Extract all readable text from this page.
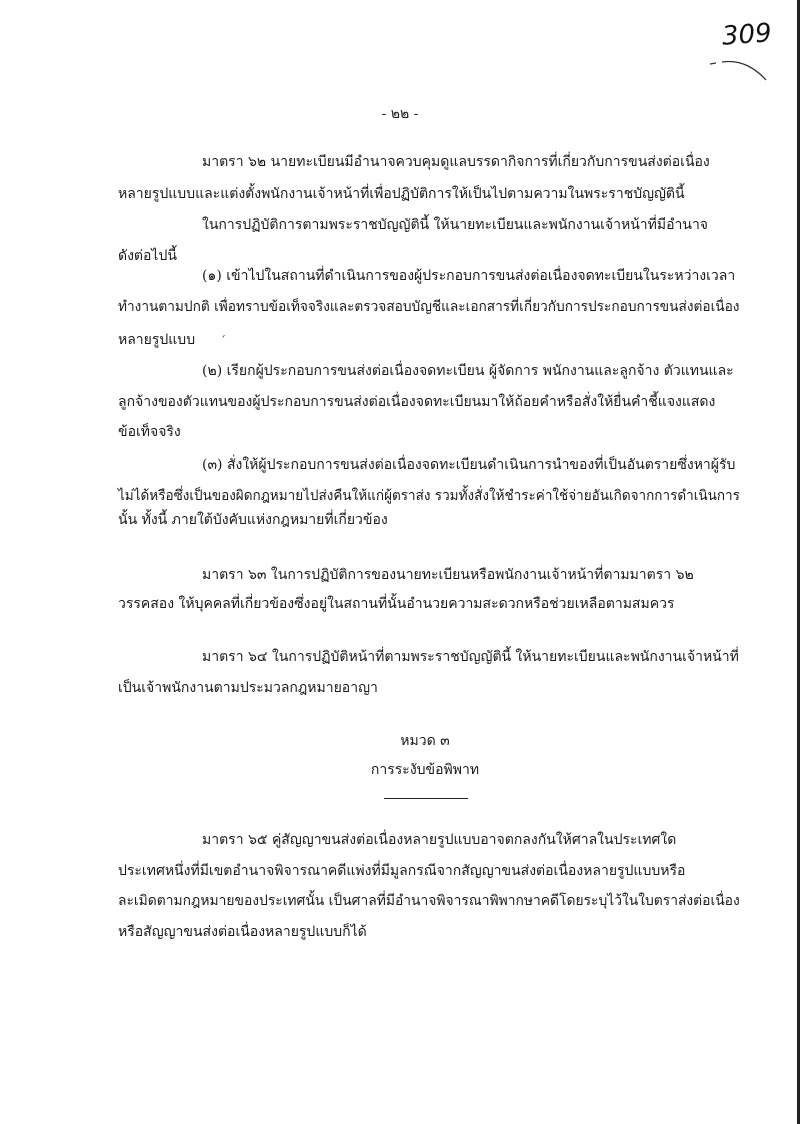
309
- ๒๒ -
มาตรา ๖๒ นายทะเบียนมีอำนาจควบคุมดูแลบรรดากิจการที่เกี่ยวกับการขนส่งต่อเนื่อง
หลายรูปแบบและแต่งตั้งพนักงานเจ้าหน้าที่เพื่อปฏิบัติการให้เป็นไปตามความในพระราชบัญญัตินี้
ในการปฏิบัติการตามพระราชบัญญัตินี้ ให้นายทะเบียนและพนักงานเจ้าหน้าที่มีอำนาจ
ดังต่อไปนี้
(๑) เข้าไปในสถานที่ดำเนินการของผู้ประกอบการขนส่งต่อเนื่องจดทะเบียนในระหว่างเวลา
ทำงานตามปกติ เพื่อทราบข้อเท็จจริงและตรวจสอบบัญชีและเอกสารที่เกี่ยวกับการประกอบการขนส่งต่อเนื่อง
ˊ
หลายรูปแบบ
(๒) เรียกผู้ประกอบการขนส่งต่อเนื่องจดทะเบียน ผู้จัดการ พนักงานและลูกจ้าง ตัวแทนและ
ลูกจ้างของตัวแทนของผู้ประกอบการขนส่งต่อเนื่องจดทะเบียนมาให้ถ้อยคำหรือสั่งให้ยื่นคำชี้แจงแสดง
ข้อเท็จจริง
(๓) สั่งให้ผู้ประกอบการขนส่งต่อเนื่องจดทะเบียนดำเนินการนำของที่เป็นอันตรายซึ่งหาผู้รับ
ไม่ได้หรือซึ่งเป็นของผิดกฎหมายไปส่งคืนให้แก่ผู้ตราส่ง รวมทั้งสั่งให้ชำระค่าใช้จ่ายอันเกิดจากการดำเนินการ
นั้น ทั้งนี้ ภายใต้บังคับแห่งกฎหมายที่เกี่ยวข้อง
มาตรา ๖๓ ในการปฏิบัติการของนายทะเบียนหรือพนักงานเจ้าหน้าที่ตามมาตรา ๖๒
วรรคสอง ให้บุคคลที่เกี่ยวข้องซึ่งอยู่ในสถานที่นั้นอำนวยความสะดวกหรือช่วยเหลือตามสมควร
มาตรา ๖๔ ในการปฏิบัติหน้าที่ตามพระราชบัญญัตินี้ ให้นายทะเบียนและพนักงานเจ้าหน้าที่
เป็นเจ้าพนักงานตามประมวลกฎหมายอาญา
หมวด ๓
การระงับข้อพิพาท
มาตรา ๖๕ คู่สัญญาขนส่งต่อเนื่องหลายรูปแบบอาจตกลงกันให้ศาลในประเทศใด
ประเทศหนึ่งที่มีเขตอำนาจพิจารณาคดีแพ่งที่มีมูลกรณีจากสัญญาขนส่งต่อเนื่องหลายรูปแบบหรือ
ละเมิดตามกฎหมายของประเทศนั้น เป็นศาลที่มีอำนาจพิจารณาพิพากษาคดีโดยระบุไว้ในใบตราส่งต่อเนื่อง
หรือสัญญาขนส่งต่อเนื่องหลายรูปแบบก็ได้
